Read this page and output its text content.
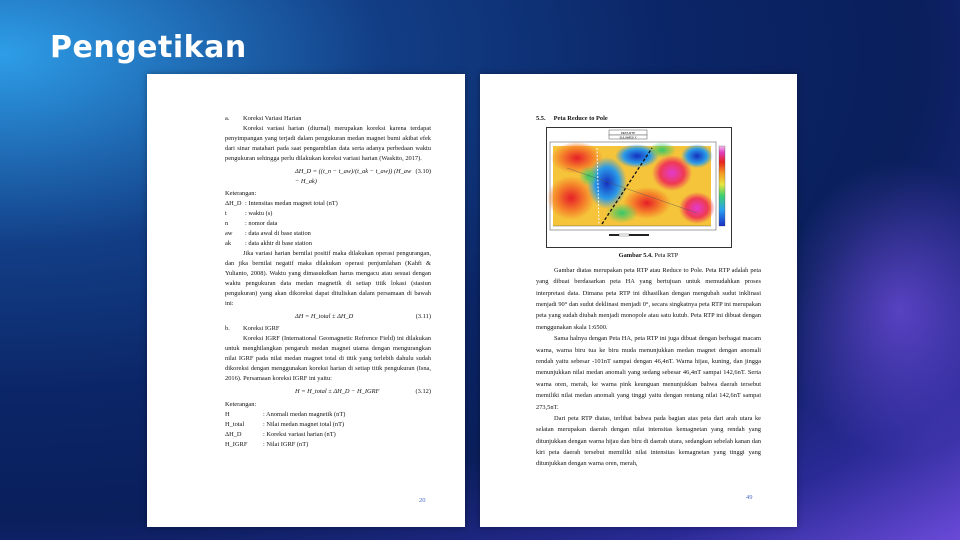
Pengetikan
a.	Koreksi Variasi Harian

Koreksi variasi harian (diurnal) merupakan koreksi karena terdapat penyimpangan yang terjadi dalam pengukuran medan magnet bumi akibat efek dari sinar matahari pada saat pengambilan data serta adanya perbedaan waktu pengukuran sehingga perlu dilakukan koreksi variasi harian (Waskito, 2017).

ΔH_D = ((t_n − t_aw)/(t_ak − t_aw)) (H_aw − H_ak)
(3.10)
Keterangan:
ΔH_D : Intensitas medan magnet total (nT)
t	: waktu (s)
n	: nomor data
aw	: data awal di base station
ak	: data akhir di base station

Jika variasi harian bernilai positif maka dilakukan operasi pengurangan, dan jika bernilai negatif maka dilakukan operasi penjumlahan (Kahfi & Yulianto, 2008). Waktu yang dimasukdkan harus mengacu atau sesuai dengan waktu pengukuran data medan magnetik di setiap titik lokasi (stasiun pengukuran) yang akan dikoreksi dapat dituliskan dalam persamaan di bawah ini:

ΔH = H_total ± ΔH_D	(3.11)
b.	Koreksi IGRF

Koreksi IGRF (International Geomagnetic Refrence Field) ini dilakukan untuk menghilangkan pengaruh medan magnet utama dengan mengurangkan nilai IGRF pada nilai medan magnet total di titik yang terlebih dahulu sudah dikoreksi dengan menggunakan koreksi harian di setiap titik pengukuran (Isna, 2016). Persamaan koreksi IGRF ini yaitu:

H = H_total ± ΔH_D − H_IGRF	(3.12)
Keterangan:
H	: Anomali medan magnetik (nT)
H_total	: Nilai medan magnet total (nT)
ΔH_D	: Koreksi variasi harian (nT)
H_IGRF	: Nilai IGRF (nT)
20
5.5. Peta Reduce to Pole
PETA RTP
SULAWESI X
Gambar 5.4. Peta RTP

Gambar diatas merupakan peta RTP atau Reduce to Pole. Peta RTP adalah peta yang dibuat berdasarkan peta HA yang bertujuan untuk memudahkan proses interpretasi data. Dimana peta RTP ini dihasilkan dengan mengubah sudut inklinasi menjadi 90° dan sudut deklinasi menjadi 0°, secara singkatnya peta RTP ini merupakan peta yang sudah diubah menjadi monopole atau satu kutub. Peta RTP ini dibuat dengan menggunakan skala 1:6500.

Sama halnya dengan Peta HA, peta RTP ini juga dibuat dengan berbagai macam warna, warna biru tua ke biru muda menunjukkan medan magnet dengan anomali rendah yaitu sebesar -101nT sampai dengan 46,4nT. Warna hijau, kuning, dan jingga menunjukkan nilai medan anomali yang sedang sebesar 46,4nT sampai 142,6nT. Serta warna oren, merah, ke warna pink keunguan menunjukkan bahwa daerah tersebut memiliki nilai medan anomali yang tinggi yaitu dengan rentang nilai 142,6nT sampai 273,5nT.

Dari peta RTP diatas, terlihat bahwa pada bagian atas peta dari arah utara ke selatan merupakan daerah dengan nilai intensitas kemagnetan yang rendah yang ditunjukkan dengan warna hijau dan biru di daerah utara, sedangkan sebelah kanan dan kiri peta daerah tersebut memiliki nilai intensitas kemagnetan yang tinggi yang ditunjukkan dengan warna oren, merah,

49
